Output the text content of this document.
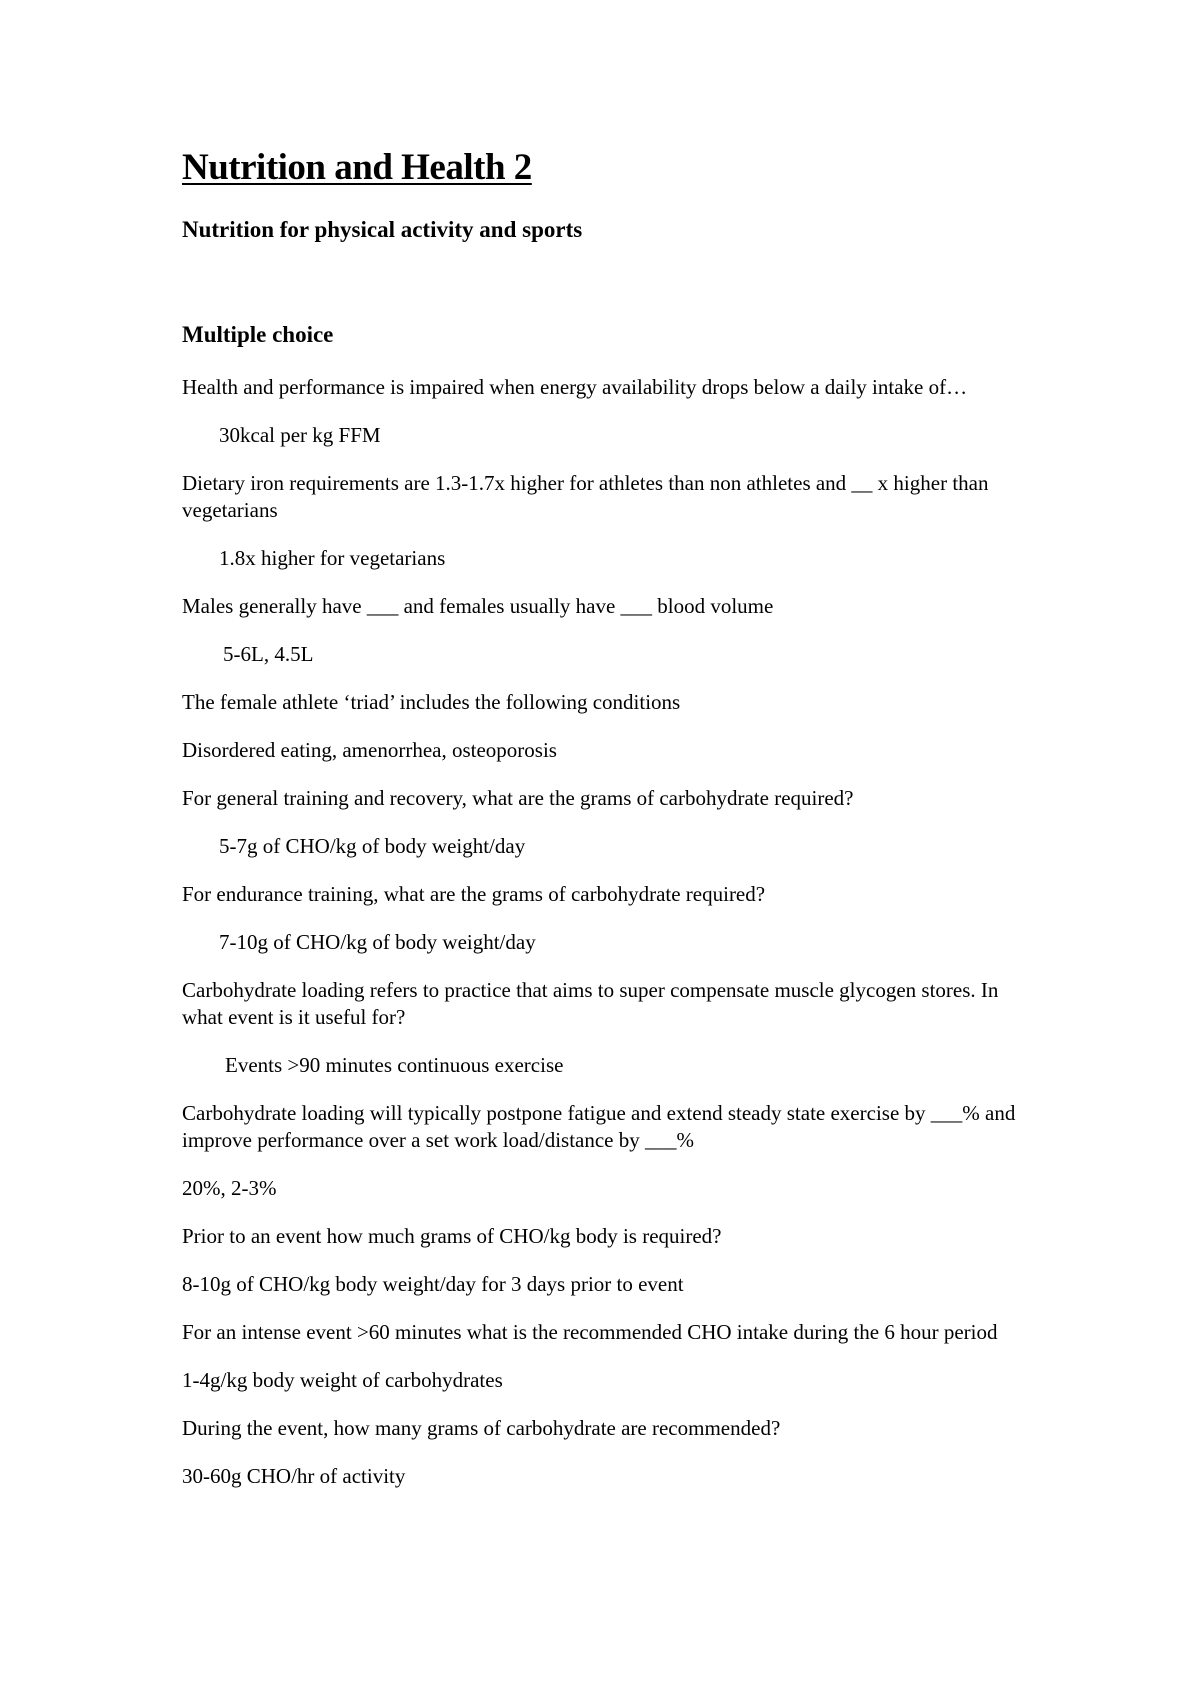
Nutrition and Health 2
Nutrition for physical activity and sports
Multiple choice
Health and performance is impaired when energy availability drops below a daily intake of…
30kcal per kg FFM
Dietary iron requirements are 1.3-1.7x higher for athletes than non athletes and __ x higher than vegetarians
1.8x higher for vegetarians
Males generally have ___ and females usually have ___ blood volume
5-6L, 4.5L
The female athlete ‘triad’ includes the following conditions
Disordered eating, amenorrhea, osteoporosis
For general training and recovery, what are the grams of carbohydrate required?
5-7g of CHO/kg of body weight/day
For endurance training, what are the grams of carbohydrate required?
7-10g of CHO/kg of body weight/day
Carbohydrate loading refers to practice that aims to super compensate muscle glycogen stores. In what event is it useful for?
Events >90 minutes continuous exercise
Carbohydrate loading will typically postpone fatigue and extend steady state exercise by ___% and improve performance over a set work load/distance by ___%
20%, 2-3%
Prior to an event how much grams of CHO/kg body is required?
8-10g of CHO/kg body weight/day for 3 days prior to event
For an intense event >60 minutes what is the recommended CHO intake during the 6 hour period
1-4g/kg body weight of carbohydrates
During the event, how many grams of carbohydrate are recommended?
30-60g CHO/hr of activity
